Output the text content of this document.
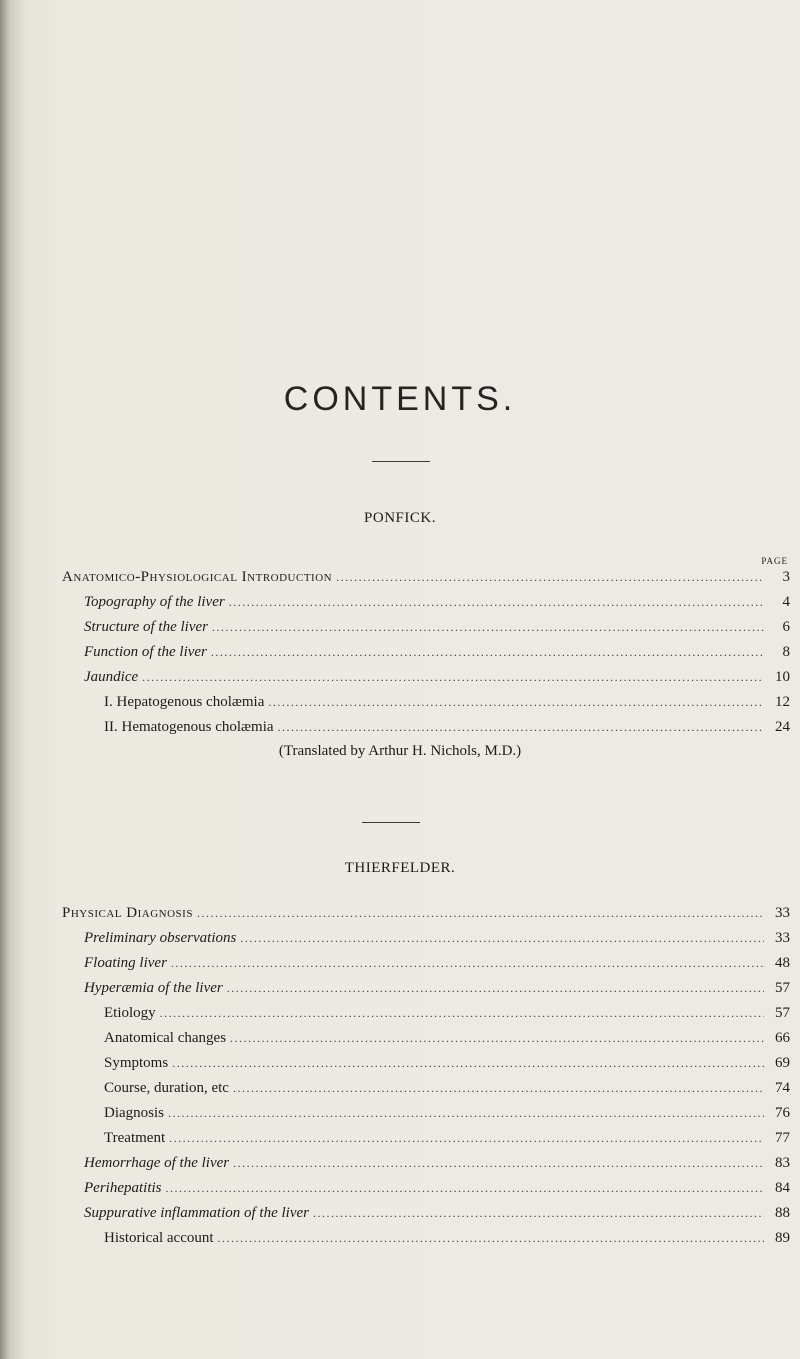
CONTENTS.
PONFICK.
PAGE
Anatomico-Physiological Introduction .....	3
Topography of the liver .....	4
Structure of the liver .....	6
Function of the liver .....	8
Jaundice .....	10
I. Hepatogenous cholæmia .....	12
II. Hematogenous cholæmia .....	24
(Translated by Arthur H. Nichols, M.D.)
THIERFELDER.
Physical Diagnosis .....	33
Preliminary observations .....	33
Floating liver .....	48
Hyperæmia of the liver .....	57
Etiology .....	57
Anatomical changes .....	66
Symptoms .....	69
Course, duration, etc .....	74
Diagnosis .....	76
Treatment .....	77
Hemorrhage of the liver .....	83
Perihepatitis .....	84
Suppurative inflammation of the liver .....	88
Historical account .....	89
